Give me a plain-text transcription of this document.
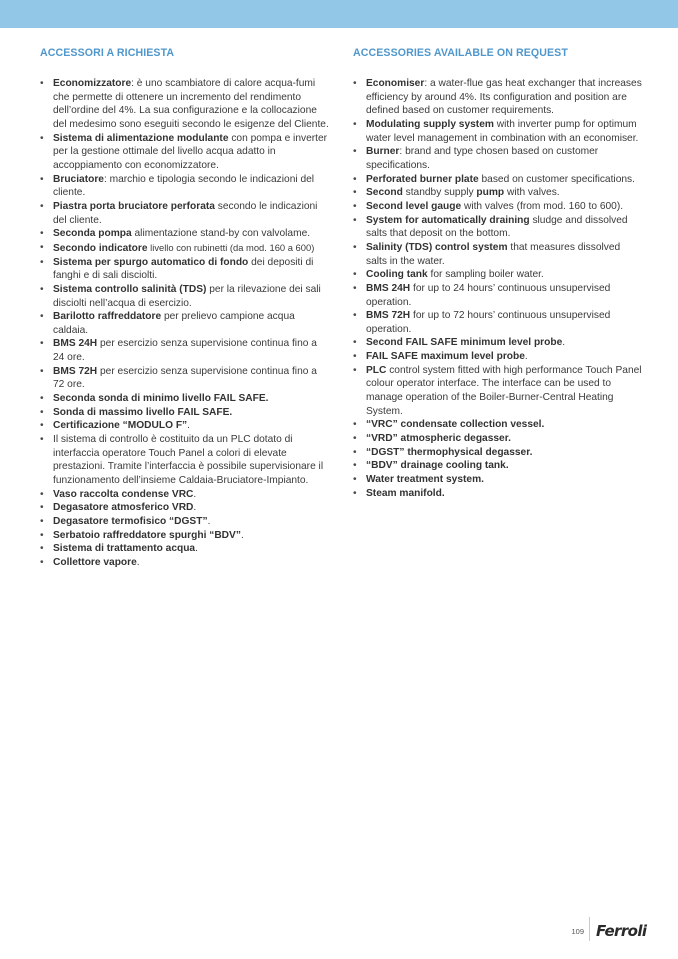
ACCESSORI A RICHIESTA
• Economizzatore: è uno scambiatore di calore acqua-fumi che permette di ottenere un incremento del rendimento dell’ordine del 4%. La sua configurazione e la collocazione del medesimo sono eseguiti secondo le esigenze del Cliente.
• Sistema di alimentazione modulante con pompa e inverter per la gestione ottimale del livello acqua adatto in accoppiamento con economizzatore.
• Bruciatore: marchio e tipologia secondo le indicazioni del cliente.
• Piastra porta bruciatore perforata secondo le indicazioni del cliente.
• Seconda pompa alimentazione stand-by con valvolame.
• Secondo indicatore livello con rubinetti (da mod. 160 a 600)
• Sistema per spurgo automatico di fondo dei depositi di fanghi e di sali disciolti.
• Sistema controllo salinità (TDS) per la rilevazione dei sali disciolti nell’acqua di esercizio.
• Barilotto raffreddatore per prelievo campione acqua caldaia.
• BMS 24H per esercizio senza supervisione continua fino a 24 ore.
• BMS 72H per esercizio senza supervisione continua fino a 72 ore.
• Seconda sonda di minimo livello FAIL SAFE.
• Sonda di massimo livello FAIL SAFE.
• Certificazione “MODULO F”.
• Il sistema di controllo è costituito da un PLC dotato di interfaccia operatore Touch Panel a colori di elevate prestazioni. Tramite l’interfaccia è possibile supervisionare il funzionamento dell’insieme Caldaia-Bruciatore-Impianto.
• Vaso raccolta condense VRC.
• Degasatore atmosferico VRD.
• Degasatore termofisico “DGST”.
• Serbatoio raffreddatore spurghi “BDV”.
• Sistema di trattamento acqua.
• Collettore vapore.
ACCESSORIES AVAILABLE ON REQUEST
• Economiser: a water-flue gas heat exchanger that increases efficiency by around 4%. Its configuration and position are defined based on customer requirements.
• Modulating supply system with inverter pump for optimum water level management in combination with an economiser.
• Burner: brand and type chosen based on customer specifications.
• Perforated burner plate based on customer specifications.
• Second standby supply pump with valves.
• Second level gauge with valves (from mod. 160 to 600).
• System for automatically draining sludge and dissolved salts that deposit on the bottom.
• Salinity (TDS) control system that measures dissolved salts in the water.
• Cooling tank for sampling boiler water.
• BMS 24H for up to 24 hours’ continuous unsupervised operation.
• BMS 72H for up to 72 hours’ continuous unsupervised operation.
• Second FAIL SAFE minimum level probe.
• FAIL SAFE maximum level probe.
• PLC control system fitted with high performance Touch Panel colour operator interface. The interface can be used to manage operation of the Boiler-Burner-Central Heating System.
• “VRC” condensate collection vessel.
• “VRD” atmospheric degasser.
• “DGST” thermophysical degasser.
• “BDV” drainage cooling tank.
• Water treatment system.
• Steam manifold.
109 Ferroli
